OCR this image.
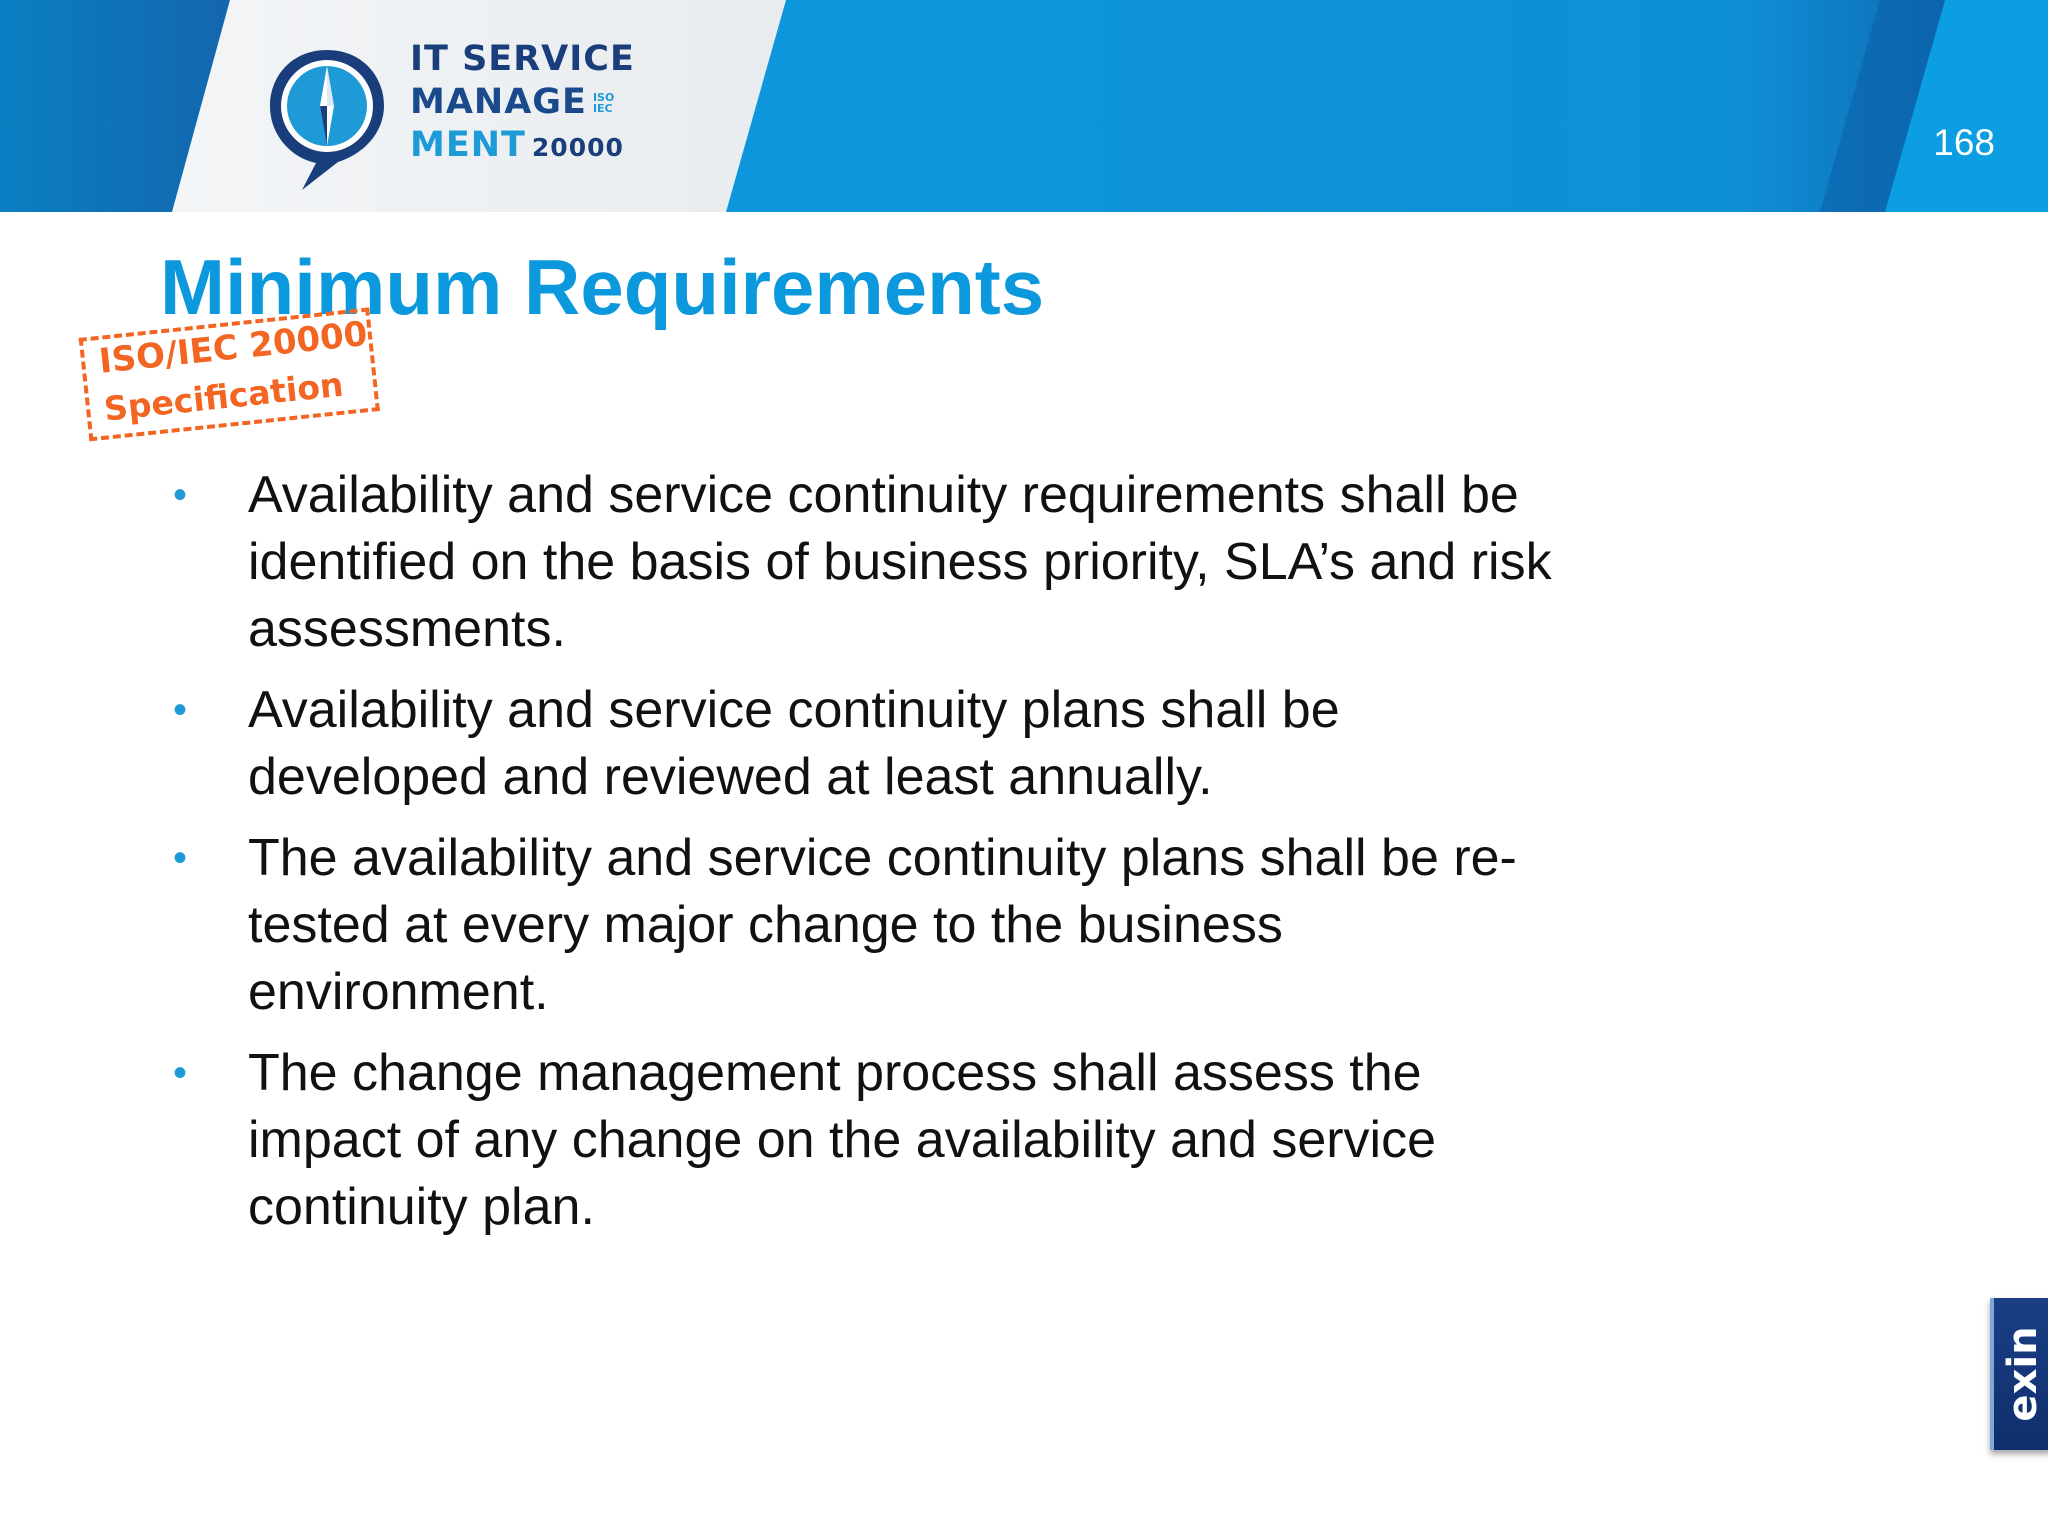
IT SERVICE
MANAGE ISO
IEC
MENT 20000	168
Minimum Requirements
ISO/IEC 20000
Specification
• Availability and service continuity requirements shall be identified on the basis of business priority, SLA’s and risk assessments.
• Availability and service continuity plans shall be developed and reviewed at least annually.
• The availability and service continuity plans shall be re-tested at every major change to the business environment.
• The change management process shall assess the impact of any change on the availability and service continuity plan.
exin
